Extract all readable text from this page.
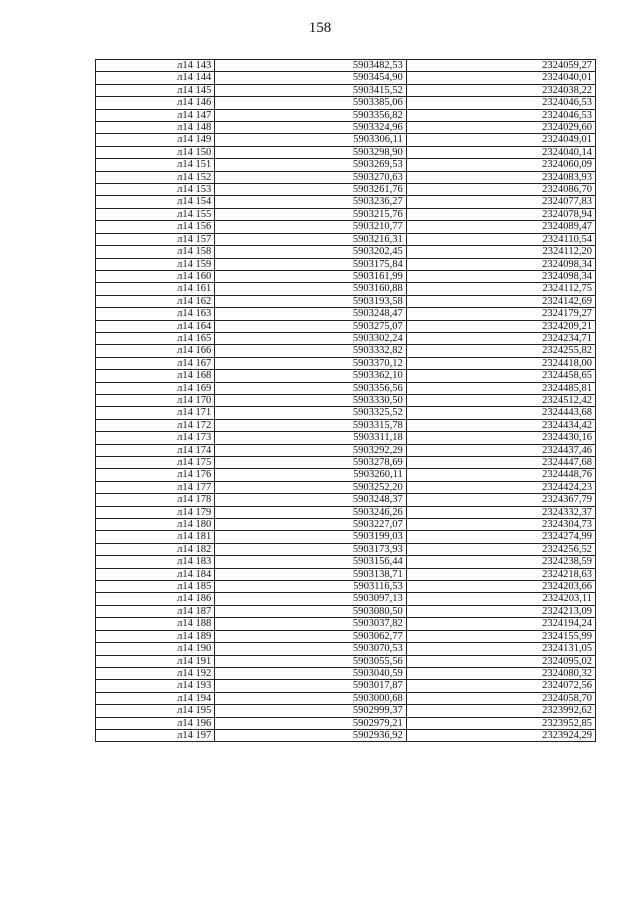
158
л14 143	5903482,53	2324059,27
л14 144	5903454,90	2324040,01
л14 145	5903415,52	2324038,22
л14 146	5903385,06	2324046,53
л14 147	5903356,82	2324046,53
л14 148	5903324,96	2324029,60
л14 149	5903306,11	2324049,01
л14 150	5903298,90	2324040,14
л14 151	5903269,53	2324060,09
л14 152	5903270,63	2324083,93
л14 153	5903261,76	2324086,70
л14 154	5903236,27	2324077,83
л14 155	5903215,76	2324078,94
л14 156	5903210,77	2324089,47
л14 157	5903216,31	2324110,54
л14 158	5903202,45	2324112,20
л14 159	5903175,84	2324098,34
л14 160	5903161,99	2324098,34
л14 161	5903160,88	2324112,75
л14 162	5903193,58	2324142,69
л14 163	5903248,47	2324179,27
л14 164	5903275,07	2324209,21
л14 165	5903302,24	2324234,71
л14 166	5903332,82	2324255,82
л14 167	5903370,12	2324418,00
л14 168	5903362,10	2324458,65
л14 169	5903356,56	2324485,81
л14 170	5903330,50	2324512,42
л14 171	5903325,52	2324443,68
л14 172	5903315,78	2324434,42
л14 173	5903311,18	2324430,16
л14 174	5903292,29	2324437,46
л14 175	5903278,69	2324447,68
л14 176	5903260,11	2324448,76
л14 177	5903252,20	2324424,23
л14 178	5903248,37	2324367,79
л14 179	5903246,26	2324332,37
л14 180	5903227,07	2324304,73
л14 181	5903199,03	2324274,99
л14 182	5903173,93	2324256,52
л14 183	5903156,44	2324238,59
л14 184	5903138,71	2324218,63
л14 185	5903116,53	2324203,66
л14 186	5903097,13	2324203,11
л14 187	5903080,50	2324213,09
л14 188	5903037,82	2324194,24
л14 189	5903062,77	2324155,99
л14 190	5903070,53	2324131,05
л14 191	5903055,56	2324095,02
л14 192	5903040,59	2324080,32
л14 193	5903017,87	2324072,56
л14 194	5903000,68	2324058,70
л14 195	5902999,37	2323992,62
л14 196	5902979,21	2323952,85
л14 197	5902936,92	2323924,29
